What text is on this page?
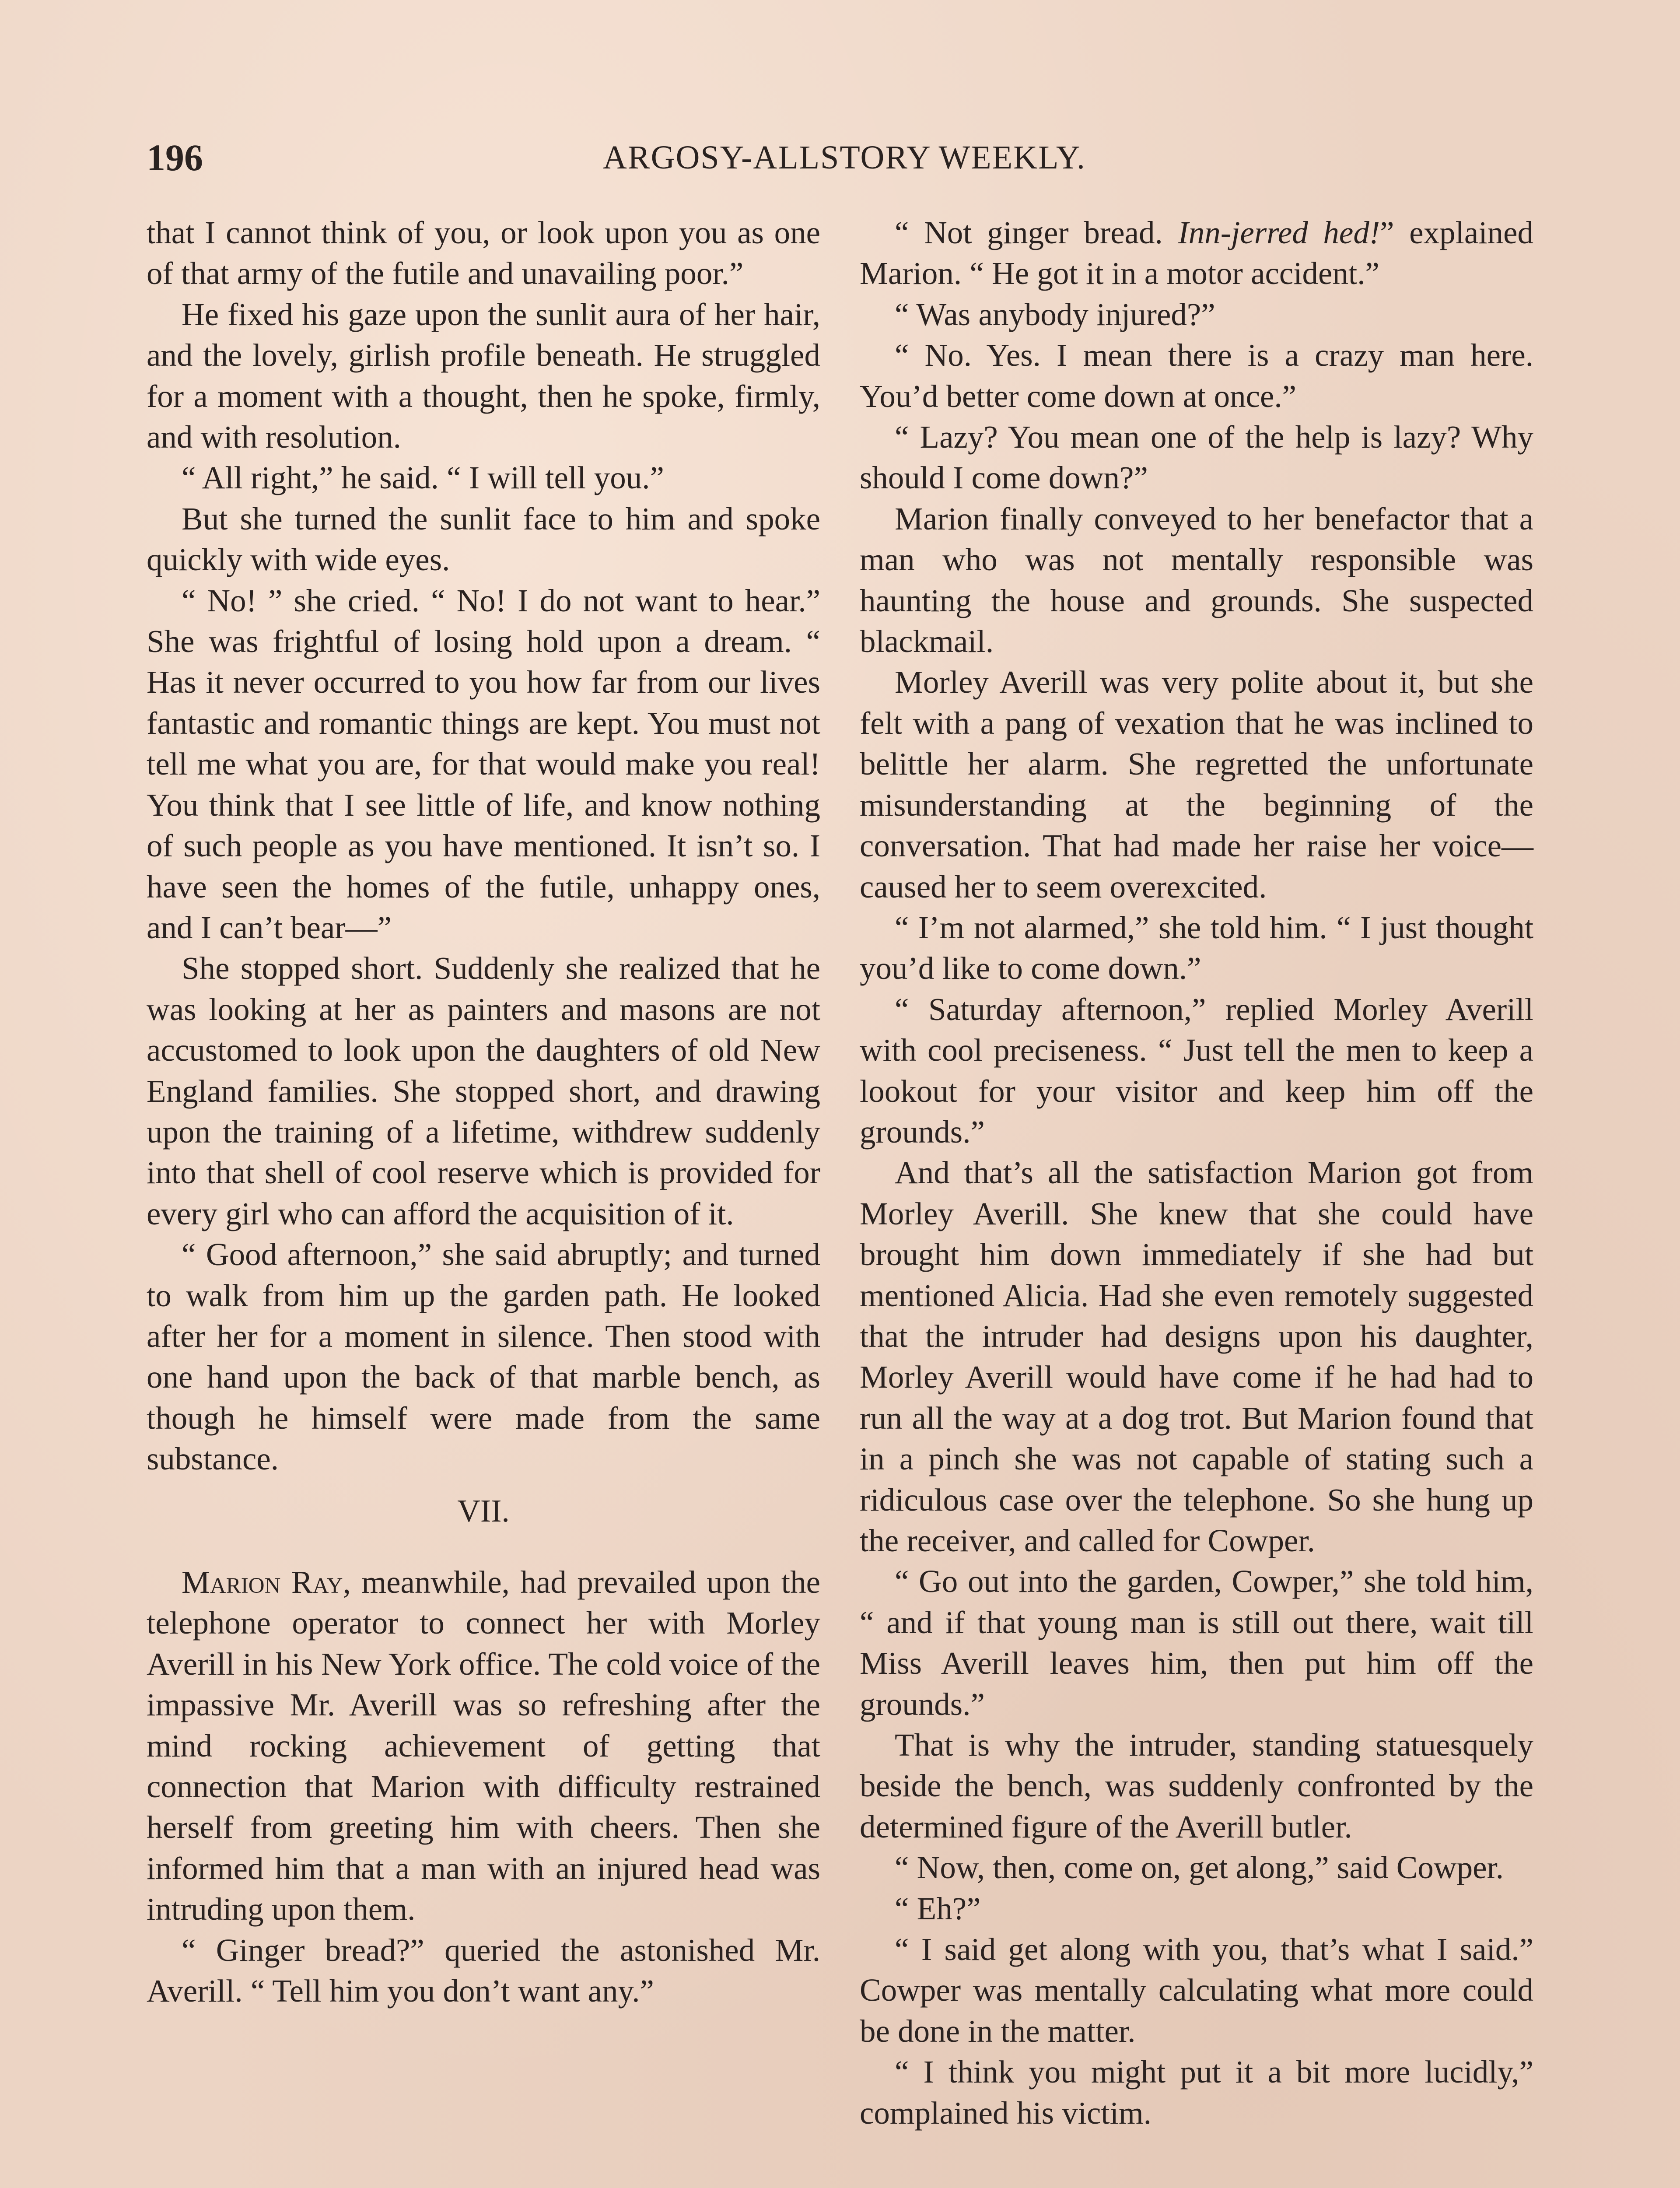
196	ARGOSY-ALLSTORY WEEKLY.

that I cannot think of you, or look upon you as one of that army of the futile and unavailing poor.”

He fixed his gaze upon the sunlit aura of her hair, and the lovely, girlish profile beneath. He struggled for a moment with a thought, then he spoke, firmly, and with resolution.

“ All right,” he said. “ I will tell you.”

But she turned the sunlit face to him and spoke quickly with wide eyes.

“ No! ” she cried. “ No! I do not want to hear.” She was frightful of losing hold upon a dream. “ Has it never occurred to you how far from our lives fantastic and romantic things are kept. You must not tell me what you are, for that would make you real! You think that I see little of life, and know nothing of such people as you have mentioned. It isn’t so. I have seen the homes of the futile, unhappy ones, and I can’t bear—”

She stopped short. Suddenly she realized that he was looking at her as painters and masons are not accustomed to look upon the daughters of old New England families. She stopped short, and drawing upon the training of a lifetime, withdrew suddenly into that shell of cool reserve which is provided for every girl who can afford the acquisition of it.

“ Good afternoon,” she said abruptly; and turned to walk from him up the garden path. He looked after her for a moment in silence. Then stood with one hand upon the back of that marble bench, as though he himself were made from the same substance.

VII.

Marion Ray, meanwhile, had prevailed upon the telephone operator to connect her with Morley Averill in his New York office. The cold voice of the impassive Mr. Averill was so refreshing after the mind rocking achievement of getting that connection that Marion with difficulty restrained herself from greeting him with cheers. Then she informed him that a man with an injured head was intruding upon them.

“ Ginger bread?” queried the astonished Mr. Averill. “ Tell him you don’t want any.”

“ Not ginger bread. Inn-jerred hed!” explained Marion. “ He got it in a motor accident.”

“ Was anybody injured?”

“ No. Yes. I mean there is a crazy man here. You’d better come down at once.”

“ Lazy? You mean one of the help is lazy? Why should I come down?”

Marion finally conveyed to her benefactor that a man who was not mentally responsible was haunting the house and grounds. She suspected blackmail.

Morley Averill was very polite about it, but she felt with a pang of vexation that he was inclined to belittle her alarm. She regretted the unfortunate misunderstanding at the beginning of the conversation. That had made her raise her voice—caused her to seem overexcited.

“ I’m not alarmed,” she told him. “ I just thought you’d like to come down.”

“ Saturday afternoon,” replied Morley Averill with cool preciseness. “ Just tell the men to keep a lookout for your visitor and keep him off the grounds.”

And that’s all the satisfaction Marion got from Morley Averill. She knew that she could have brought him down immediately if she had but mentioned Alicia. Had she even remotely suggested that the intruder had designs upon his daughter, Morley Averill would have come if he had had to run all the way at a dog trot. But Marion found that in a pinch she was not capable of stating such a ridiculous case over the telephone. So she hung up the receiver, and called for Cowper.

“ Go out into the garden, Cowper,” she told him, “ and if that young man is still out there, wait till Miss Averill leaves him, then put him off the grounds.”

That is why the intruder, standing statuesquely beside the bench, was suddenly confronted by the determined figure of the Averill butler.

“ Now, then, come on, get along,” said Cowper.

“ Eh?”

“ I said get along with you, that’s what I said.” Cowper was mentally calculating what more could be done in the matter.

“ I think you might put it a bit more lucidly,” complained his victim.
